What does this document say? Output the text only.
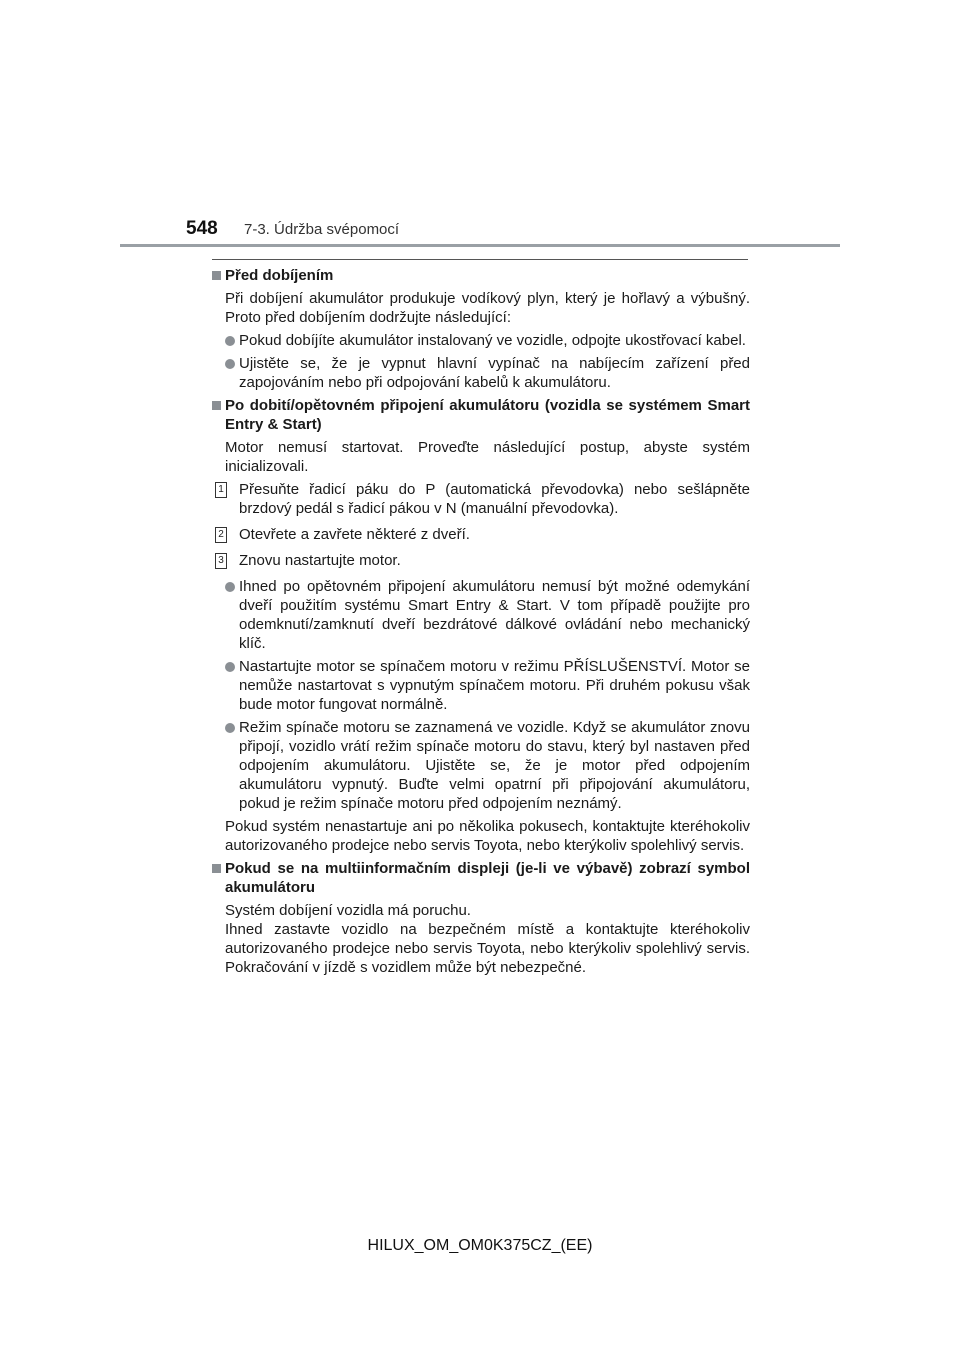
548 7-3. Údržba svépomocí
Před dobíjením
Při dobíjení akumulátor produkuje vodíkový plyn, který je hořlavý a výbušný. Proto před dobíjením dodržujte následující:
Pokud dobíjíte akumulátor instalovaný ve vozidle, odpojte ukostřovací kabel.
Ujistěte se, že je vypnut hlavní vypínač na nabíjecím zařízení před zapojováním nebo při odpojování kabelů k akumulátoru.
Po dobití/opětovném připojení akumulátoru (vozidla se systémem Smart Entry & Start)
Motor nemusí startovat. Proveďte následující postup, abyste systém inicializovali.
1 Přesuňte řadicí páku do P (automatická převodovka) nebo sešlápněte brzdový pedál s řadicí pákou v N (manuální převodovka).
2 Otevřete a zavřete některé z dveří.
3 Znovu nastartujte motor.
Ihned po opětovném připojení akumulátoru nemusí být možné odemykání dveří použitím systému Smart Entry & Start. V tom případě použijte pro odemknutí/zamknutí dveří bezdrátové dálkové ovládání nebo mechanický klíč.
Nastartujte motor se spínačem motoru v režimu PŘÍSLUŠENSTVÍ. Motor se nemůže nastartovat s vypnutým spínačem motoru. Při druhém pokusu však bude motor fungovat normálně.
Režim spínače motoru se zaznamená ve vozidle. Když se akumulátor znovu připojí, vozidlo vrátí režim spínače motoru do stavu, který byl nastaven před odpojením akumulátoru. Ujistěte se, že je motor před odpojením akumulátoru vypnutý. Buďte velmi opatrní při připojování akumulátoru, pokud je režim spínače motoru před odpojením neznámý.
Pokud systém nenastartuje ani po několika pokusech, kontaktujte kteréhokoliv autorizovaného prodejce nebo servis Toyota, nebo kterýkoliv spolehlivý servis.
Pokud se na multiinformačním displeji (je-li ve výbavě) zobrazí symbol akumulátoru
Systém dobíjení vozidla má poruchu.
Ihned zastavte vozidlo na bezpečném místě a kontaktujte kteréhokoliv autorizovaného prodejce nebo servis Toyota, nebo kterýkoliv spolehlivý servis. Pokračování v jízdě s vozidlem může být nebezpečné.
HILUX_OM_OM0K375CZ_(EE)
